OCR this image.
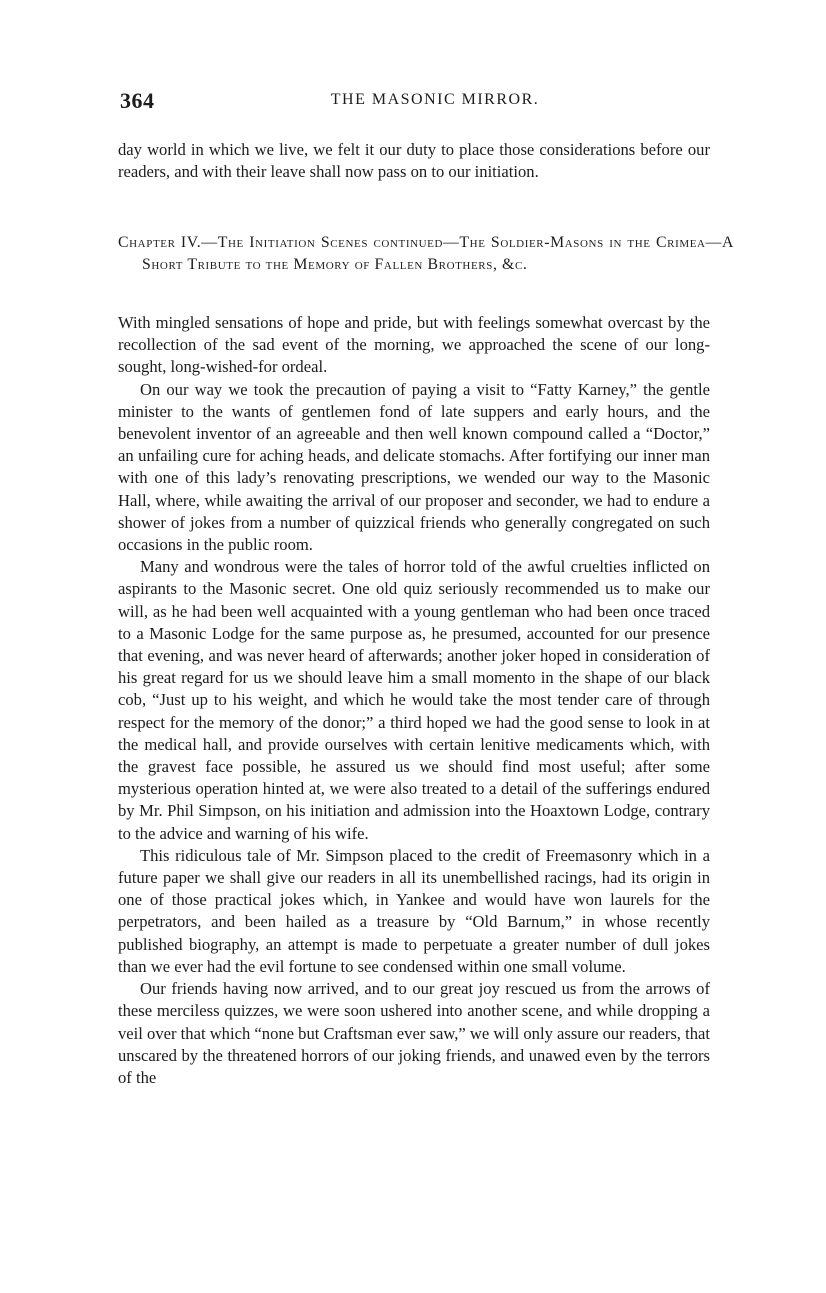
364	THE MASONIC MIRROR.

day world in which we live, we felt it our duty to place those considerations before our readers, and with their leave shall now pass on to our initiation.

Chapter IV.—The Initiation Scenes continued—The Soldier-Masons in the Crimea—A Short Tribute to the Memory of Fallen Brothers, &c.

With mingled sensations of hope and pride, but with feelings somewhat overcast by the recollection of the sad event of the morning, we approached the scene of our long-sought, long-wished-for ordeal.

On our way we took the precaution of paying a visit to “Fatty Karney,” the gentle minister to the wants of gentlemen fond of late suppers and early hours, and the benevolent inventor of an agreeable and then well known compound called a “Doctor,” an unfailing cure for aching heads, and delicate stomachs. After fortifying our inner man with one of this lady’s renovating prescriptions, we wended our way to the Masonic Hall, where, while awaiting the arrival of our proposer and seconder, we had to endure a shower of jokes from a number of quizzical friends who generally congregated on such occasions in the public room.

Many and wondrous were the tales of horror told of the awful cruelties inflicted on aspirants to the Masonic secret. One old quiz seriously recommended us to make our will, as he had been well acquainted with a young gentleman who had been once traced to a Masonic Lodge for the same purpose as, he presumed, accounted for our presence that evening, and was never heard of afterwards; another joker hoped in consideration of his great regard for us we should leave him a small momento in the shape of our black cob, “Just up to his weight, and which he would take the most tender care of through respect for the memory of the donor;” a third hoped we had the good sense to look in at the medical hall, and provide ourselves with certain lenitive medicaments which, with the gravest face possible, he assured us we should find most useful; after some mysterious operation hinted at, we were also treated to a detail of the sufferings endured by Mr. Phil Simpson, on his initiation and admission into the Hoaxtown Lodge, contrary to the advice and warning of his wife.

This ridiculous tale of Mr. Simpson placed to the credit of Freemasonry which in a future paper we shall give our readers in all its unembellished racings, had its origin in one of those practical jokes which, in Yankee and would have won laurels for the perpetrators, and been hailed as a treasure by “Old Barnum,” in whose recently published biography, an attempt is made to perpetuate a greater number of dull jokes than we ever had the evil fortune to see condensed within one small volume.

Our friends having now arrived, and to our great joy rescued us from the arrows of these merciless quizzes, we were soon ushered into another scene, and while dropping a veil over that which “none but Craftsman ever saw,” we will only assure our readers, that unscared by the threatened horrors of our joking friends, and unawed even by the terrors of the
